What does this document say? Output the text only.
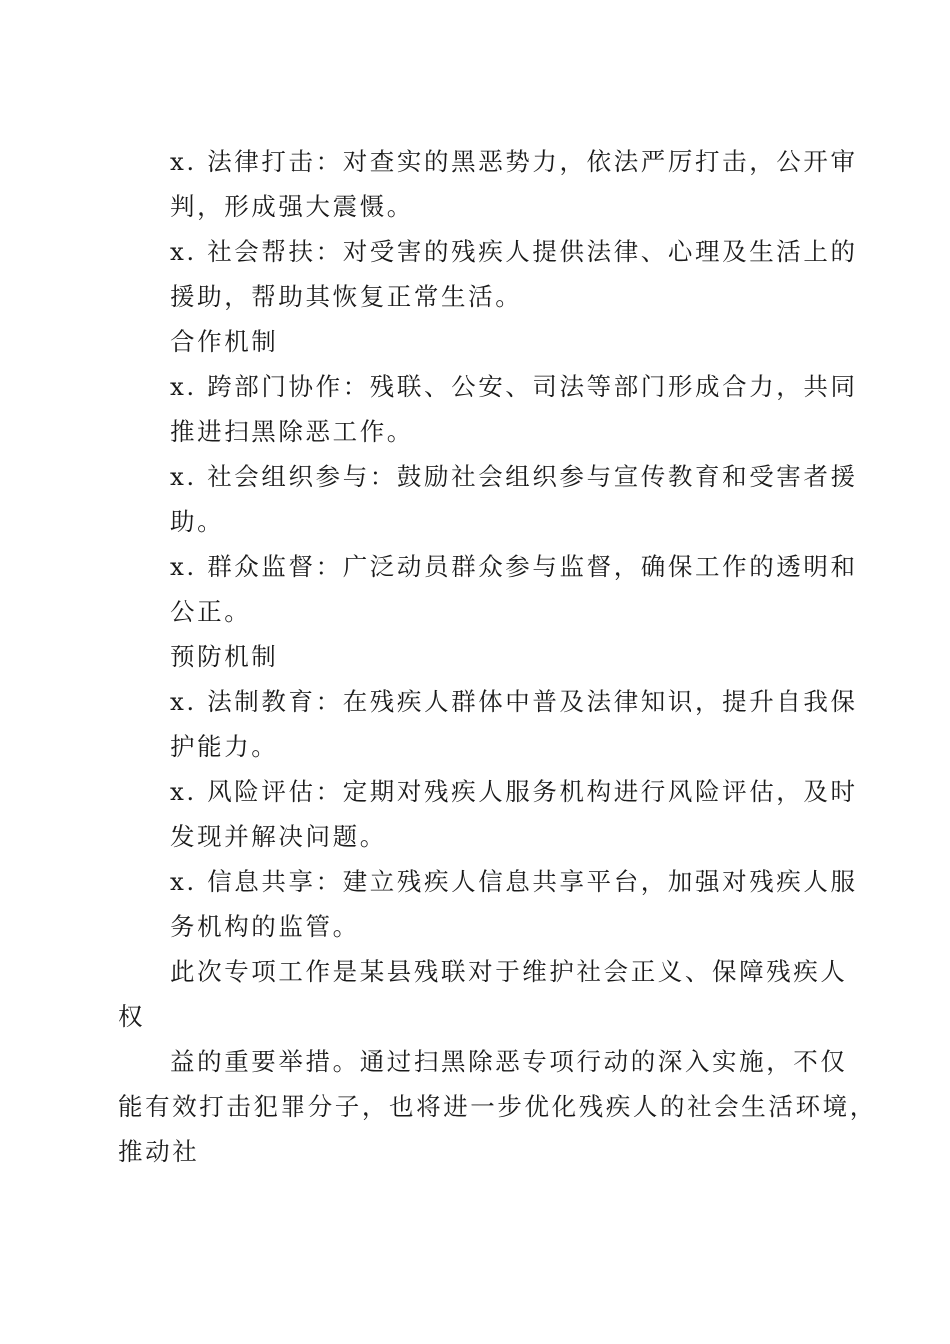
x. 法律打击：对查实的黑恶势力，依法严厉打击，公开审
判，形成强大震慑。
x. 社会帮扶：对受害的残疾人提供法律、心理及生活上的
援助，帮助其恢复正常生活。
合作机制
x. 跨部门协作：残联、公安、司法等部门形成合力，共同
推进扫黑除恶工作。
x. 社会组织参与：鼓励社会组织参与宣传教育和受害者援
助。
x. 群众监督：广泛动员群众参与监督，确保工作的透明和
公正。
预防机制
x. 法制教育：在残疾人群体中普及法律知识，提升自我保
护能力。
x. 风险评估：定期对残疾人服务机构进行风险评估，及时
发现并解决问题。
x. 信息共享：建立残疾人信息共享平台，加强对残疾人服
务机构的监管。
此次专项工作是某县残联对于维护社会正义、保障残疾人
权
益的重要举措。通过扫黑除恶专项行动的深入实施，不仅
能有效打击犯罪分子，也将进一步优化残疾人的社会生活环境，
推动社
